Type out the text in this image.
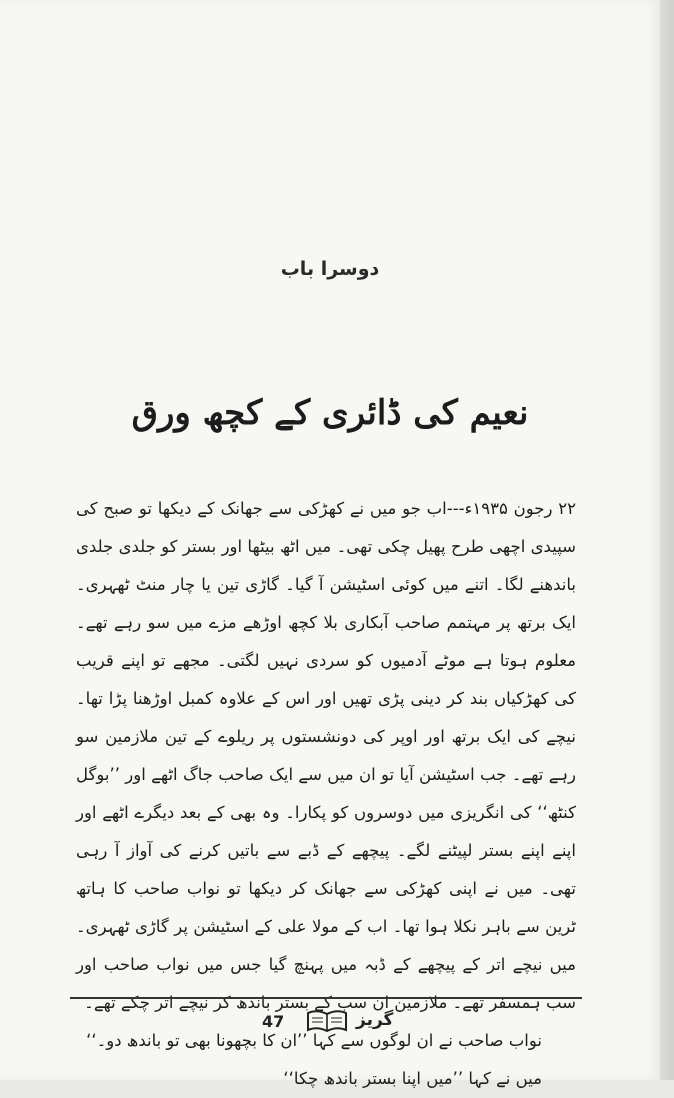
دوسرا باب
نعیم کی ڈائری کے کچھ ورق

۲۲ رجون ۱۹۳۵ء---اب جو میں نے کھڑکی سے جھانک کے دیکھا تو صبح کی سپیدی اچھی طرح پھیل چکی تھی۔ میں اٹھ بیٹھا اور بستر کو جلدی جلدی باندھنے لگا۔ اتنے میں کوئی اسٹیشن آ گیا۔ گاڑی تین یا چار منٹ ٹھہری۔ ایک برتھ پر مہتمم صاحب آبکاری بلا کچھ اوڑھے مزے میں سو رہے تھے۔ معلوم ہوتا ہے موٹے آدمیوں کو سردی نہیں لگتی۔ مجھے تو اپنے قریب کی کھڑکیاں بند کر دینی پڑی تھیں اور اس کے علاوہ کمبل اوڑھنا پڑا تھا۔ نیچے کی ایک برتھ اور اوپر کی دونشستوں پر ریلوے کے تین ملازمین سو رہے تھے۔ جب اسٹیشن آیا تو ان میں سے ایک صاحب جاگ اٹھے اور ’’بوگل کنٹھ‘‘ کی انگریزی میں دوسروں کو پکارا۔ وہ بھی کے بعد دیگرے اٹھے اور اپنے اپنے بستر لپیٹنے لگے۔ پیچھے کے ڈبے سے باتیں کرنے کی آواز آ رہی تھی۔ میں نے اپنی کھڑکی سے جھانک کر دیکھا تو نواب صاحب کا ہاتھ ٹرین سے باہر نکلا ہوا تھا۔ اب کے مولا علی کے اسٹیشن پر گاڑی ٹھہری۔ میں نیچے اتر کے پیچھے کے ڈبہ میں پہنچ گیا جس میں نواب صاحب اور سب ہمسفر تھے۔ ملازمین ان سب کے بستر باندھ کر نیچے اتر چکے تھے۔

نواب صاحب نے ان لوگوں سے کہا ’’ان کا بچھونا بھی تو باندھ دو۔‘‘

میں نے کہا ’’میں اپنا بستر باندھ چکا‘‘

47	گریز
